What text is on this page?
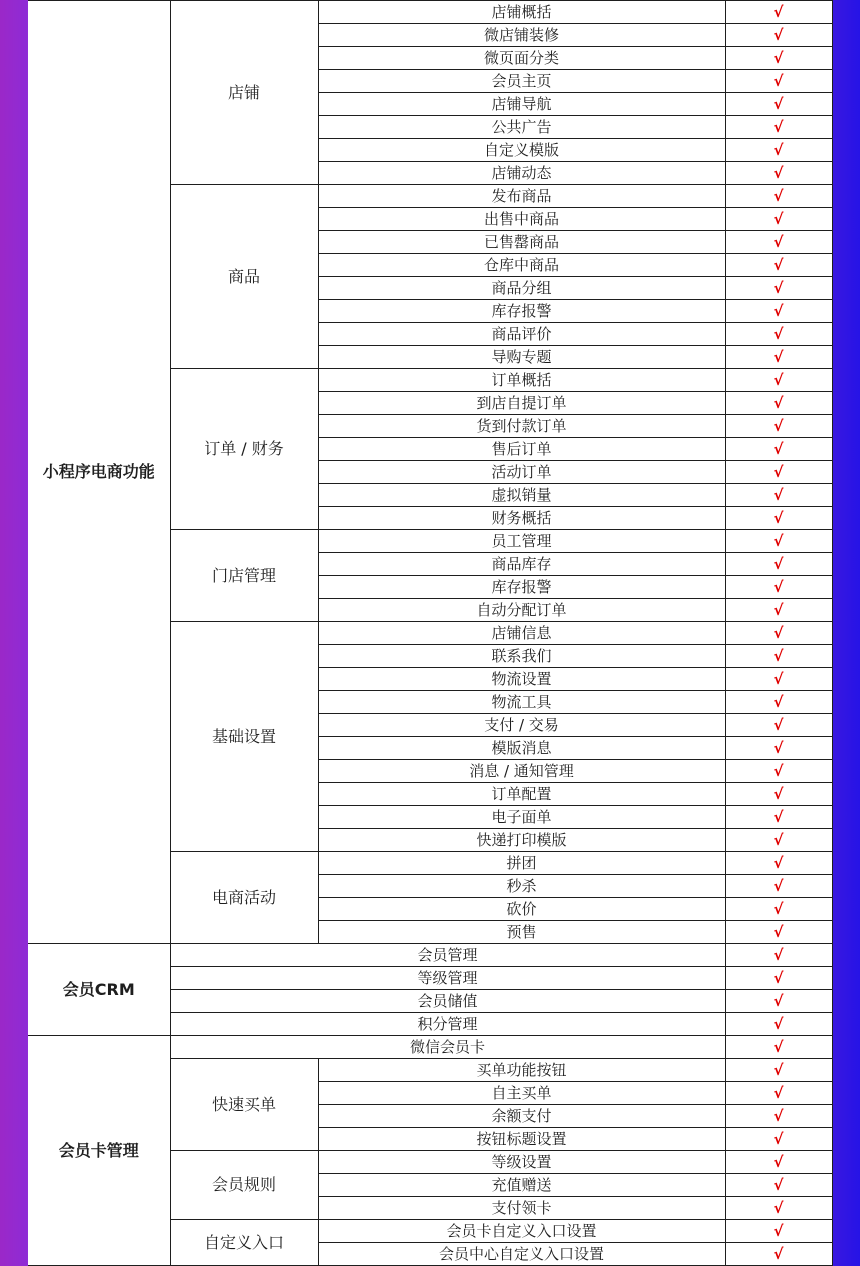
小程序电商功能	店铺	店铺概括	√
		微店铺装修	√
		微页面分类	√
		会员主页	√
		店铺导航	√
		公共广告	√
		自定义模版	√
		店铺动态	√
	商品	发布商品	√
		出售中商品	√
		已售罄商品	√
		仓库中商品	√
		商品分组	√
		库存报警	√
		商品评价	√
		导购专题	√
	订单 / 财务	订单概括	√
		到店自提订单	√
		货到付款订单	√
		售后订单	√
		活动订单	√
		虚拟销量	√
		财务概括	√
	门店管理	员工管理	√
		商品库存	√
		库存报警	√
		自动分配订单	√
	基础设置	店铺信息	√
		联系我们	√
		物流设置	√
		物流工具	√
		支付 / 交易	√
		模版消息	√
		消息 / 通知管理	√
		订单配置	√
		电子面单	√
		快递打印模版	√
	电商活动	拼团	√
		秒杀	√
		砍价	√
		预售	√
会员CRM	会员管理		√
	等级管理		√
	会员储值		√
	积分管理		√
会员卡管理	微信会员卡		√
	快速买单	买单功能按钮	√
		自主买单	√
		余额支付	√
		按钮标题设置	√
	会员规则	等级设置	√
		充值赠送	√
		支付领卡	√
	自定义入口	会员卡自定义入口设置	√
		会员中心自定义入口设置	√
